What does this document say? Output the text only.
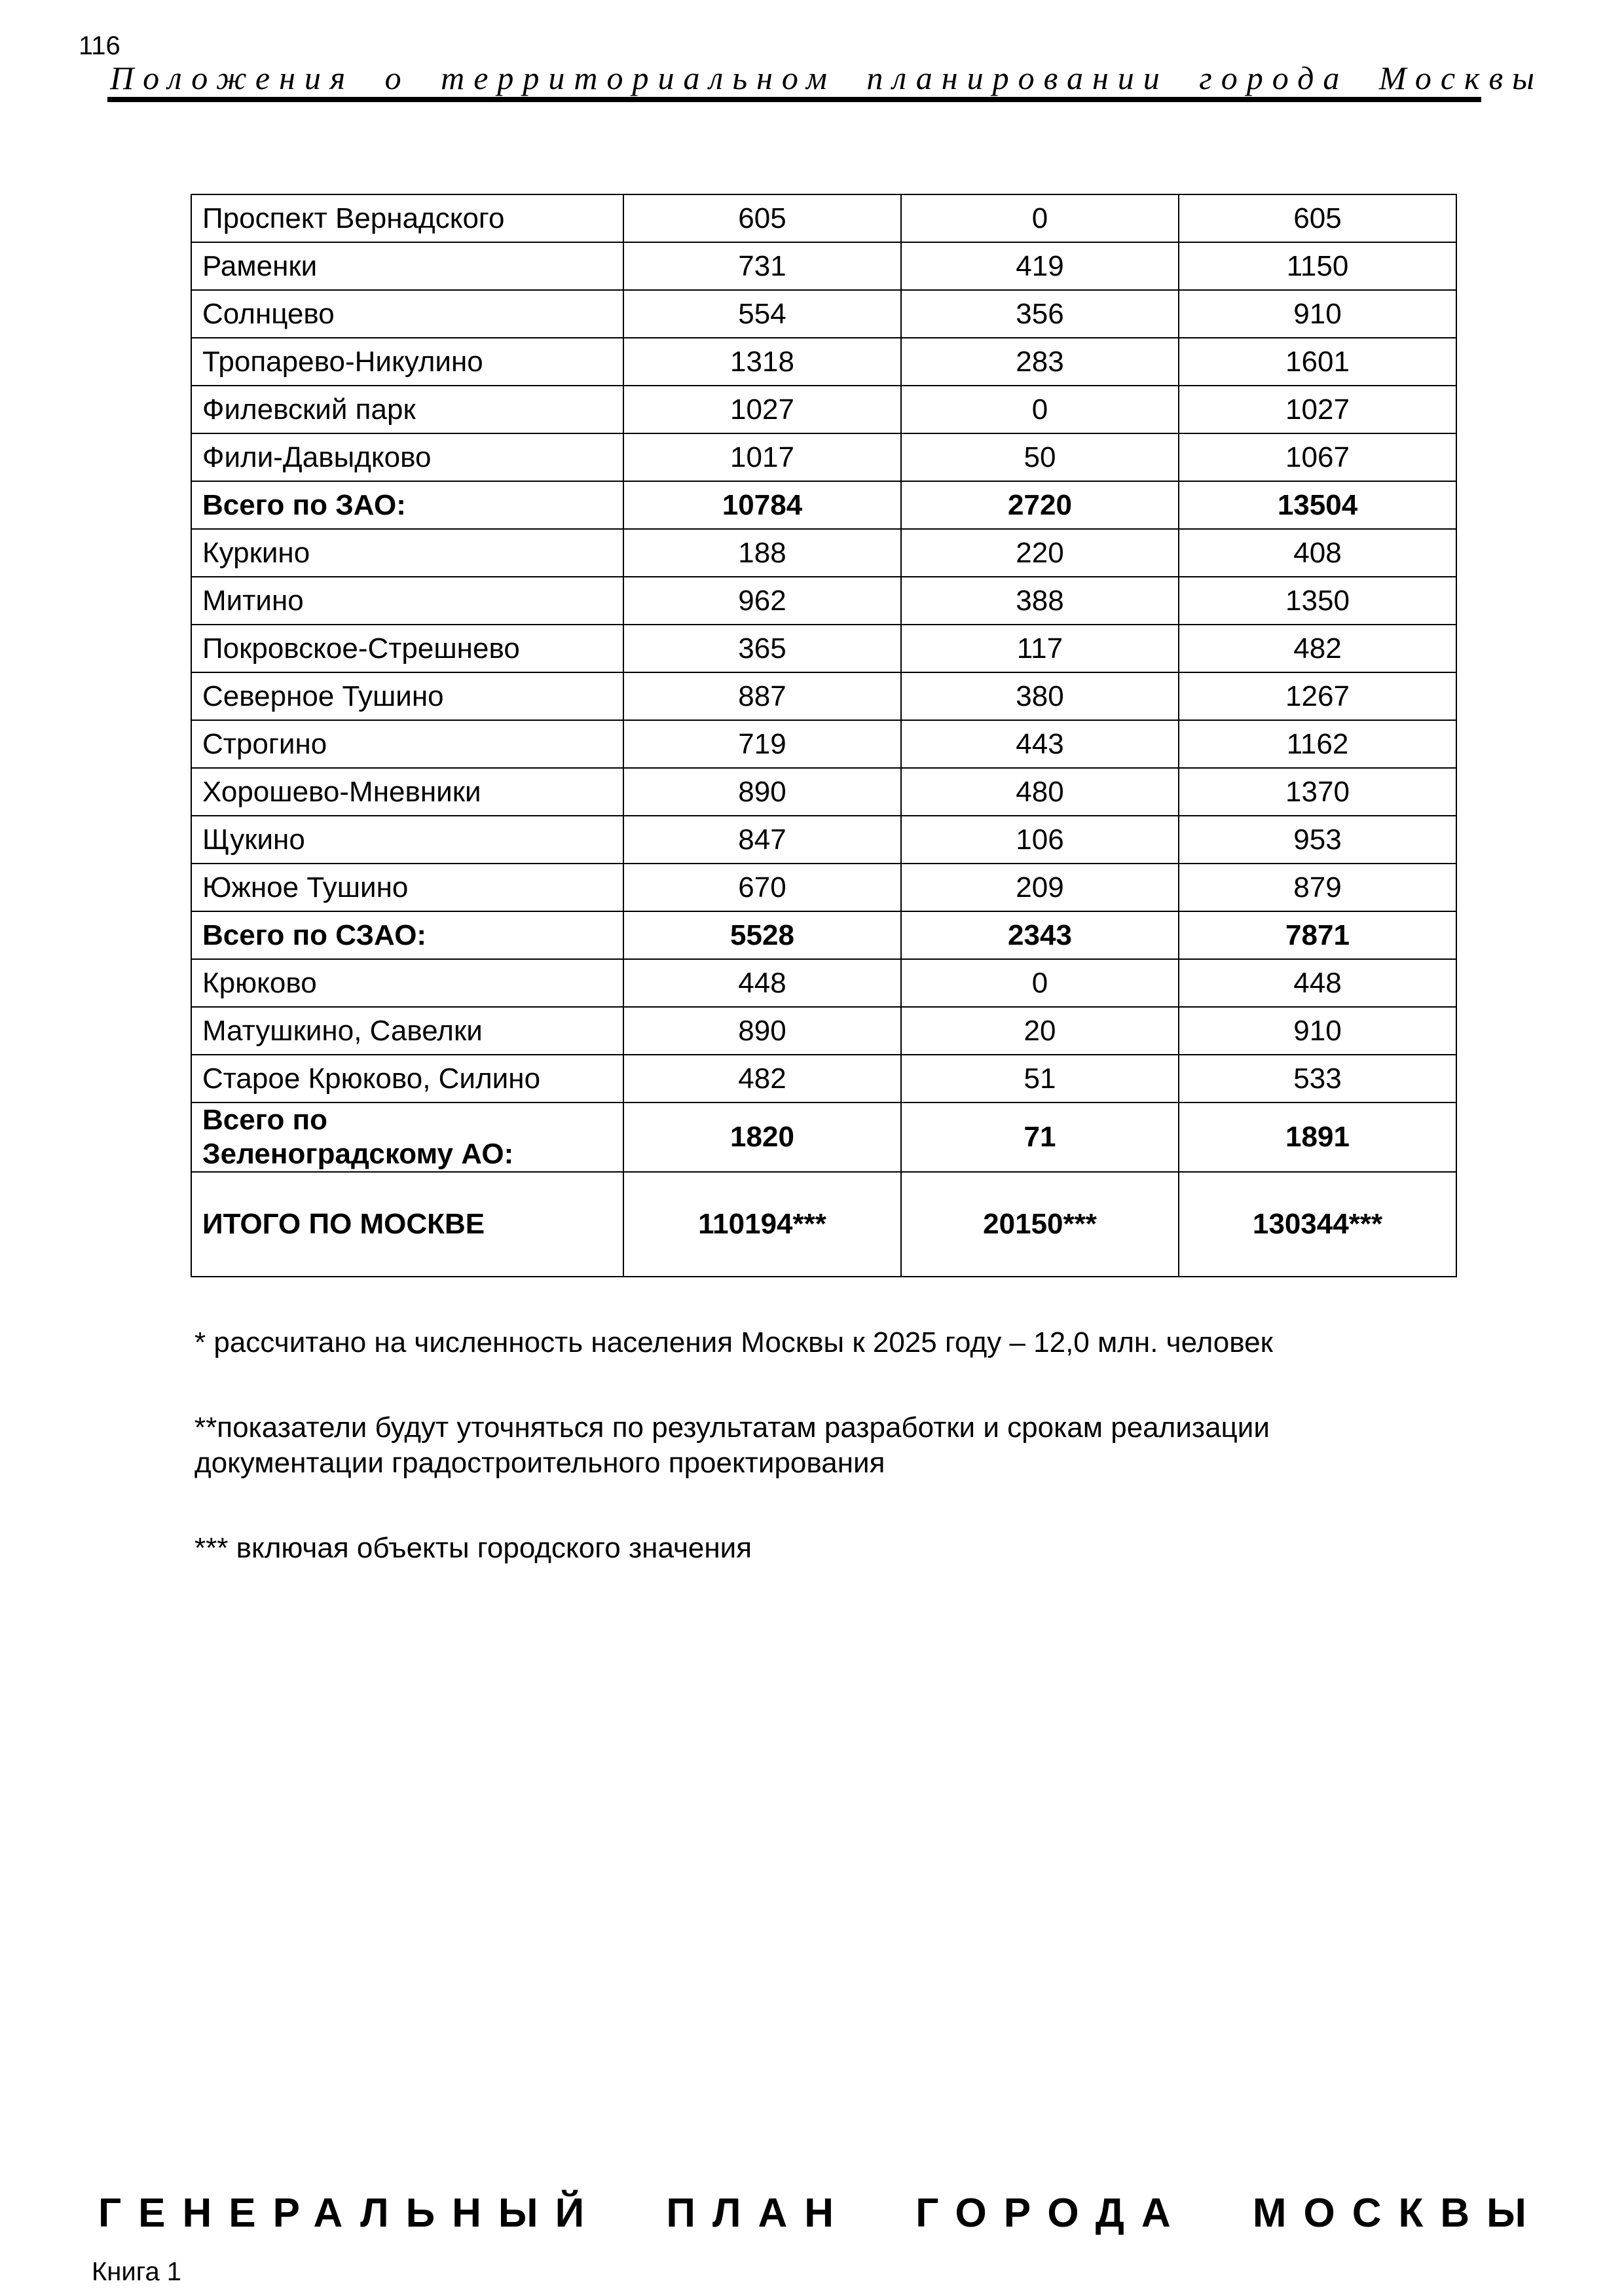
116
Положения о территориальном планировании города Москвы
Проспект Вернадского	605	0	605
Раменки	731	419	1150
Солнцево	554	356	910
Тропарево-Никулино	1318	283	1601
Филевский парк	1027	0	1027
Фили-Давыдково	1017	50	1067
Всего по ЗАО:	10784	2720	13504
Куркино	188	220	408
Митино	962	388	1350
Покровское-Стрешнево	365	117	482
Северное Тушино	887	380	1267
Строгино	719	443	1162
Хорошево-Мневники	890	480	1370
Щукино	847	106	953
Южное Тушино	670	209	879
Всего по СЗАО:	5528	2343	7871
Крюково	448	0	448
Матушкино, Савелки	890	20	910
Старое Крюково, Силино	482	51	533
Всего по
Зеленоградскому АО:	1820	71	1891
ИТОГО ПО МОСКВЕ	110194***	20150***	130344***

* рассчитано на численность населения Москвы к 2025 году – 12,0 млн. человек

**показатели будут уточняться по результатам разработки и срокам реализации
документации градостроительного проектирования

*** включая объекты городского значения

ГЕНЕРАЛЬНЫЙ ПЛАН ГОРОДА МОСКВЫ
Книга 1
